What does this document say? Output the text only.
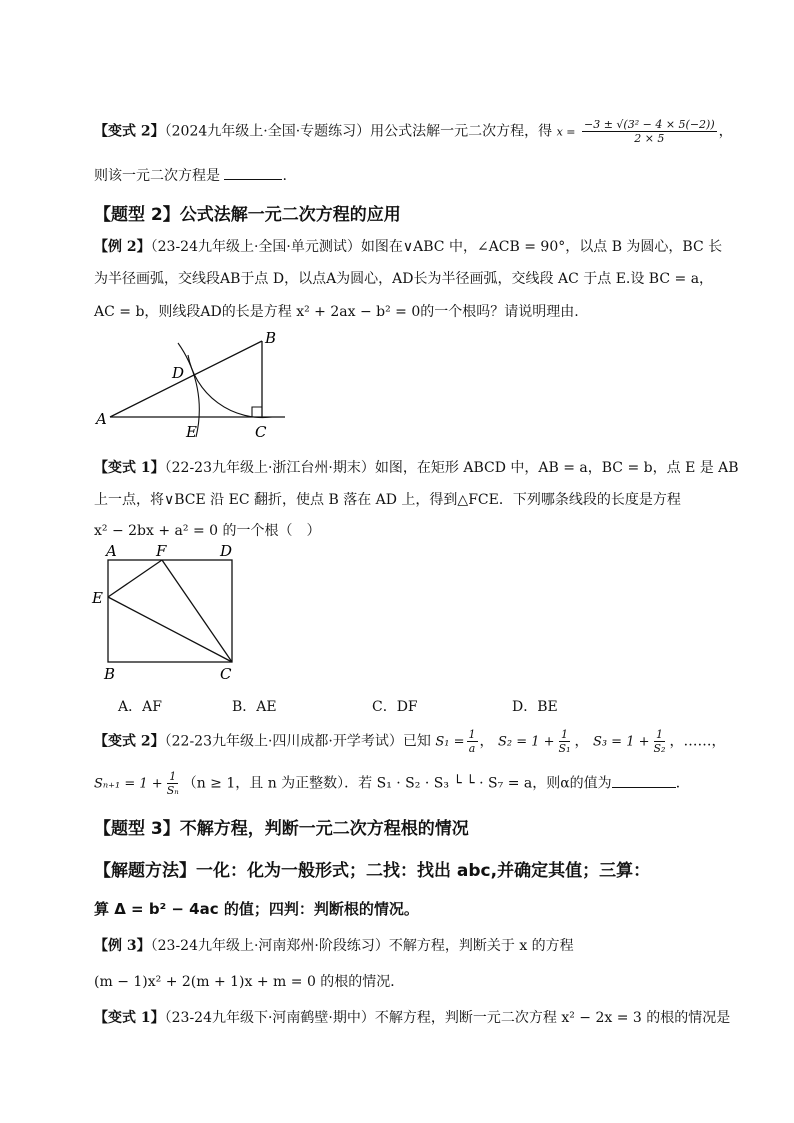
【变式 2】（2024九年级上·全国·专题练习）用公式法解一元二次方程，得 $x = \frac{\text{−3 ± √(3² − 4 × 5(−2))}}{2 \times 5}$ ，
则该一元二次方程是	.
【题型 2】公式法解一元二次方程的应用
【例 2】（23-24九年级上·全国·单元测试）如图在∨ABC 中，∠ACB = 90°，以点 B 为圆心，BC 长
为半径画弧，交线段AB于点 D，以点A为圆心，AD长为半径画弧，交线段 AC 于点 E.设 BC = a，
AC = b，则线段AD的长是方程 x² + 2ax − b² = 0的一个根吗？请说明理由.
A
B
C
D
E
【变式 1】（22-23九年级上·浙江台州·期末）如图，在矩形 ABCD 中，AB = a，BC = b，点 E 是 AB
上一点，将∨BCE 沿 EC 翻折，使点 B 落在 AD 上，得到△FCE．下列哪条线段的长度是方程
x² − 2bx + a² = 0 的一个根（　）
A	F	D
E
B	C
A．AF	B．AE	C．DF	D．BE
【变式 2】（22-23九年级上·四川成都·开学考试）已知 $S_1 = \frac{1}{a}$ ， $S_2 = 1 + \frac{1}{\text{S₁}}$ ， $S_3 = 1 + \frac{1}{\text{S₂}}$ ，……，
$S_{n+1} = 1 + \frac{1}{\text{Sₙ}} (n \ge 1$，且 n 为正整数）．若 S₁ · S₂ · S₃ └ └ · S₇ = a，则α的值为	．
【题型 3】不解方程，判断一元二次方程根的情况
【解题方法】一化：化为一般形式；二找：找出 abc,并确定其值；三算：
算 Δ = b² − 4ac 的值；四判：判断根的情况。
【例 3】（23-24九年级上·河南郑州·阶段练习）不解方程，判断关于 x 的方程
(m − 1)x² + 2(m + 1)x + m = 0 的根的情况．
【变式 1】（23-24九年级下·河南鹤壁·期中）不解方程，判断一元二次方程 x² − 2x = 3 的根的情况是
